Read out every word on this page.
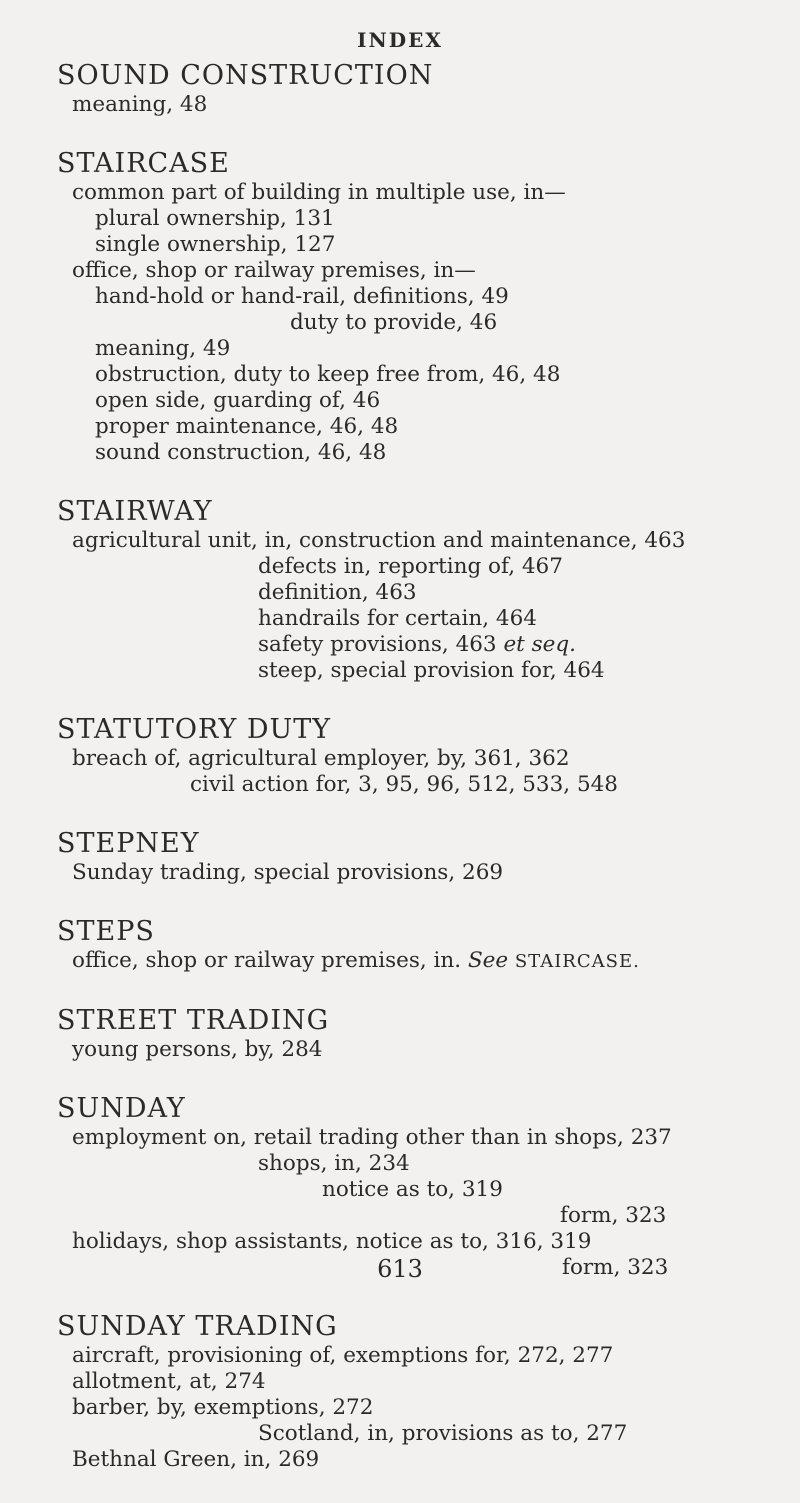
INDEX
SOUND CONSTRUCTION
meaning, 48
STAIRCASE
common part of building in multiple use, in—
plural ownership, 131
single ownership, 127
office, shop or railway premises, in—
hand-hold or hand-rail, definitions, 49
duty to provide, 46
meaning, 49
obstruction, duty to keep free from, 46, 48
open side, guarding of, 46
proper maintenance, 46, 48
sound construction, 46, 48
STAIRWAY
agricultural unit, in, construction and maintenance, 463
defects in, reporting of, 467
definition, 463
handrails for certain, 464
safety provisions, 463 et seq.
steep, special provision for, 464
STATUTORY DUTY
breach of, agricultural employer, by, 361, 362
civil action for, 3, 95, 96, 512, 533, 548
STEPNEY
Sunday trading, special provisions, 269
STEPS
office, shop or railway premises, in. See STAIRCASE.
STREET TRADING
young persons, by, 284
SUNDAY
employment on, retail trading other than in shops, 237
shops, in, 234
notice as to, 319
form, 323
holidays, shop assistants, notice as to, 316, 319
form, 323
SUNDAY TRADING
aircraft, provisioning of, exemptions for, 272, 277
allotment, at, 274
barber, by, exemptions, 272
Scotland, in, provisions as to, 277
Bethnal Green, in, 269
613
